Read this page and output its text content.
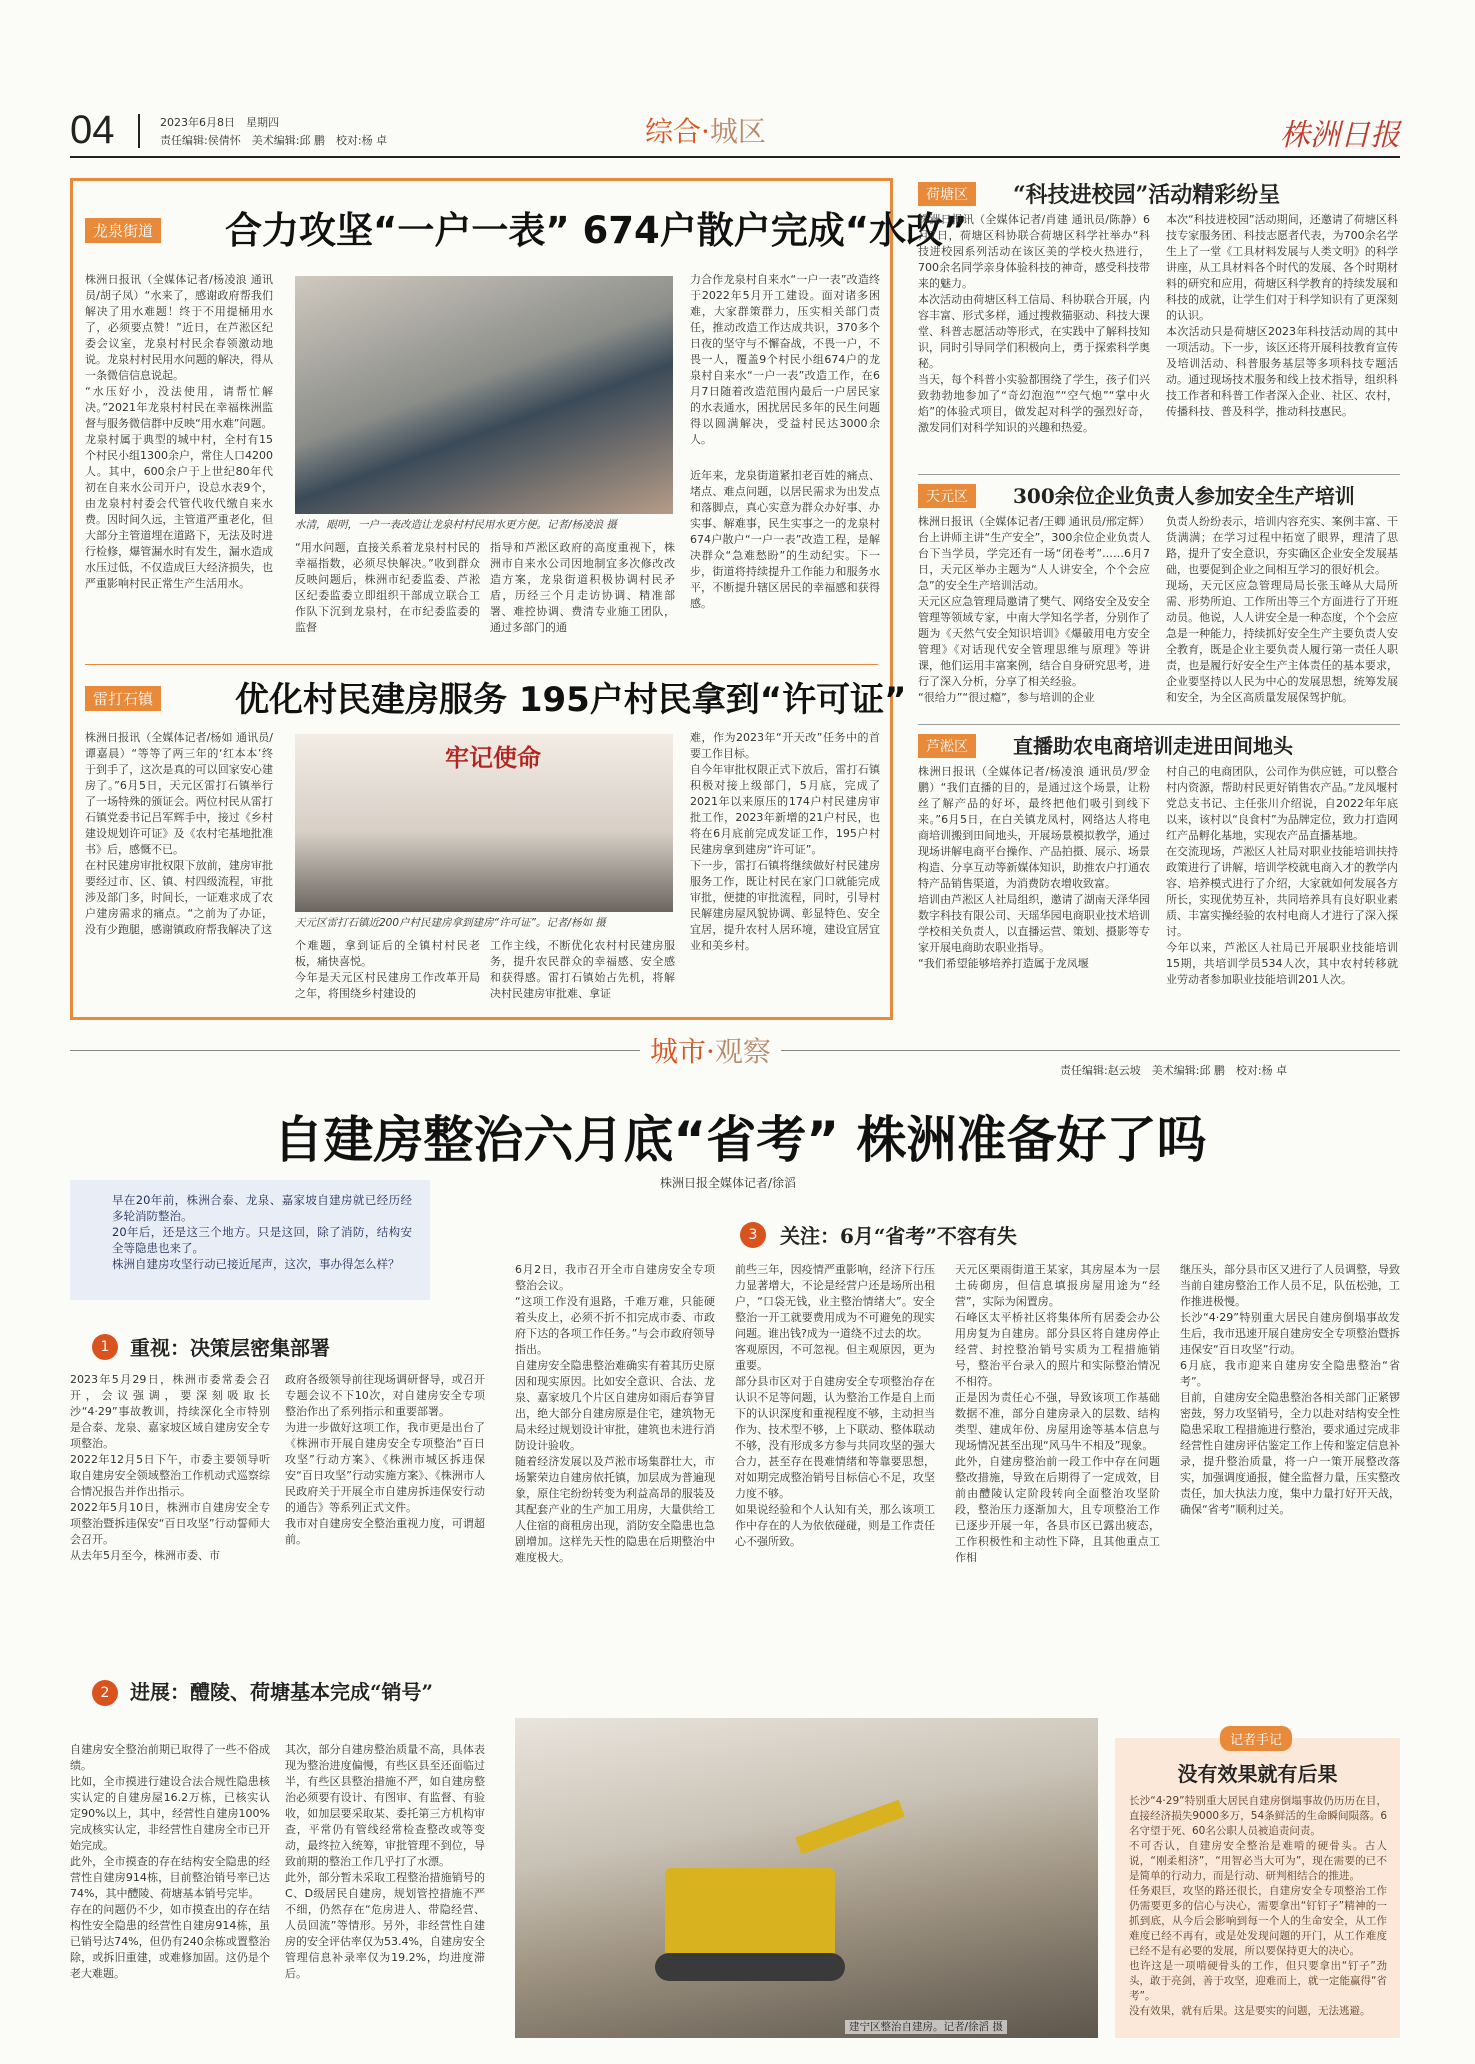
04	2023年6月8日　星期四
责任编辑:侯倩怀　美术编辑:邱 鹏　校对:杨 卓	综合·城区	株洲日报
龙泉街道 合力攻坚“一户一表” 674户散户完成“水改”
株洲日报讯（全媒体记者/杨凌浪 通讯员/胡子凤）“水来了，感谢政府帮我们解决了用水难题！终于不用提桶用水了，必须要点赞！”近日，在芦淞区纪委会议室，龙泉村村民余春领激动地说。龙泉村村民用水问题的解决，得从一条微信信息说起。
“水压好小，没法使用，请帮忙解决。”2021年龙泉村村民在幸福株洲监督与服务微信群中反映“用水难”问题。
龙泉村属于典型的城中村，全村有15个村民小组1300余户，常住人口4200人。其中，600余户于上世纪80年代初在自来水公司开户，设总水表9个，由龙泉村村委会代管代收代缴自来水费。因时间久远，主管道严重老化，但大部分主管道埋在道路下，无法及时进行检修，爆管漏水时有发生，漏水造成水压过低，不仅造成巨大经济损失，也严重影响村民正常生产生活用水。
水清，眼明，一户一表改造让龙泉村村民用水更方便。记者/杨凌浪 摄
“用水问题，直接关系着龙泉村村民的幸福指数，必须尽快解决。”收到群众反映问题后，株洲市纪委监委、芦淞区纪委监委立即组织干部成立联合工作队下沉到龙泉村，在市纪委监委的监督
指导和芦淞区政府的高度重视下，株洲市自来水公司因地制宜多次修改改造方案，龙泉街道积极协调村民矛盾，历经三个月走访协调、精准部署、难控协调、费清专业施工团队，通过多部门的通
力合作龙泉村自来水“一户一表”改造终于2022年5月开工建设。面对诸多困难，大家群策群力，压实相关部门责任，推动改造工作达成共识，370多个日夜的坚守与不懈奋战，不畏一户，不畏一人，覆盖9个村民小组674户的龙泉村自来水“一户一表”改造工作，在6月7日随着改造范围内最后一户居民家的水表通水，困扰居民多年的民生问题得以圆满解决，受益村民达3000余人。
近年来，龙泉街道紧扣老百姓的痛点、堵点、难点问题，以居民需求为出发点和落脚点，真心实意为群众办好事、办实事、解难事，民生实事之一的龙泉村674户散户“一户一表”改造工程，是解决群众“急难愁盼”的生动纪实。下一步，街道将持续提升工作能力和服务水平，不断提升辖区居民的幸福感和获得感。
雷打石镇 优化村民建房服务 195户村民拿到“许可证”
株洲日报讯（全媒体记者/杨如 通讯员/谭嘉晨）“等等了两三年的‘红本本’终于到手了，这次是真的可以回家安心建房了。”6月5日，天元区雷打石镇举行了一场特殊的颁证会。两位村民从雷打石镇党委书记吕军辉手中，接过《乡村建设规划许可证》及《农村宅基地批准书》后，感慨不已。
在村民建房审批权限下放前，建房审批要经过市、区、镇、村四级流程，审批涉及部门多，时间长，一证难求成了农户建房需求的痛点。“之前为了办证，没有少跑腿，感谢镇政府帮我解决了这
牢记使命
天元区雷打石镇近200户村民建房拿到建房“许可证”。记者/杨如 摄
个难题，拿到证后的全镇村村民老板，痛快喜悦。
今年是天元区村民建房工作改革开局之年，将围绕乡村建设的
工作主线，不断优化农村村民建房服务，提升农民群众的幸福感、安全感和获得感。雷打石镇始占先机，将解决村民建房审批难、拿证
难，作为2023年“开天改”任务中的首要工作目标。
自今年审批权限正式下放后，雷打石镇积极对接上级部门，5月底，完成了2021年以来原压的174户村民建房审批工作，2023年新增的21户村民，也将在6月底前完成发证工作，195户村民建房拿到建房“许可证”。
下一步，雷打石镇将继续做好村民建房服务工作，既让村民在家门口就能完成审批，便捷的审批流程，同时，引导村民解建房屋风貌协调、彰显特色、安全宜居，提升农村人居环境，建设宜居宜业和美乡村。
荷塘区	“科技进校园”活动精彩纷呈
株洲日报讯（全媒体记者/肖建 通讯员/陈静）6月7日，荷塘区科协联合荷塘区科学社举办“科技进校园系列活动在该区美的学校火热进行，700余名同学亲身体验科技的神奇，感受科技带来的魅力。
本次活动由荷塘区科工信局、科协联合开展，内容丰富、形式多样，通过搜救猫驱动、科技大课堂、科普志愿活动等形式，在实践中了解科技知识，同时引导同学们积极向上，勇于探索科学奥秘。
当天，每个科普小实验都围绕了学生，孩子们兴致勃勃地参加了“奇幻泡泡”“空气炮”“掌中火焰”的体验式项目，做发起对科学的强烈好奇，激发同们对科学知识的兴趣和热爱。
本次“科技进校园”活动期间，还邀请了荷塘区科技专家服务团、科技志愿者代表，为700余名学生上了一堂《工具材料发展与人类文明》的科学讲座，从工具材料各个时代的发展、各个时期材料的研究和应用，荷塘区科学教育的持续发展和科技的成就，让学生们对于科学知识有了更深刻的认识。
本次活动只是荷塘区2023年科技活动周的其中一项活动。下一步，该区还将开展科技教育宣传及培训活动、科普服务基层等多项科技专题活动。通过现场技术服务和线上技术指导，组织科技工作者和科普工作者深入企业、社区、农村，传播科技、普及科学，推动科技惠民。
天元区	300余位企业负责人参加安全生产培训
株洲日报讯（全媒体记者/王卿 通讯员/邢定辉）台上讲师主讲“生产安全”，300余位企业负责人台下当学员，学完还有一场“闭卷考”……6月7日，天元区举办主题为“人人讲安全，个个会应急”的安全生产培训活动。
天元区应急管理局邀请了樊气、网络安全及安全管理等领域专家，中南大学知名学者，分别作了题为《天然气安全知识培训》《爆破用电方安全管理》《对话现代安全管理思维与原理》等讲课，他们运用丰富案例，结合自身研究思考，进行了深入分析，分享了相关经验。
“很给力”“很过瘾”，参与培训的企业
负责人纷纷表示，培训内容充实、案例丰富、干货满满；在学习过程中拓宽了眼界，理清了思路，提升了安全意识，夯实确区企业安全发展基础，也要促到企业之间相互学习的很好机会。
现场，天元区应急管理局局长张玉峰从大局所需、形势所迫、工作所出等三个方面进行了开班动员。他说，人人讲安全是一种态度，个个会应急是一种能力，持续抓好安全生产主要负责人安全教育，既是企业主要负责人履行第一责任人职责，也是履行好安全生产主体责任的基本要求，企业要坚持以人民为中心的发展思想，统筹发展和安全，为全区高质量发展保驾护航。
芦淞区	直播助农电商培训走进田间地头
株洲日报讯（全媒体记者/杨凌浪 通讯员/罗金鹏）“我们直播的目的，是通过这个场景，让粉丝了解产品的好坏，最终把他们吸引到线下来。”6月5日，在白关镇龙凤村，网络达人将电商培训搬到田间地头，开展场景模拟教学，通过现场讲解电商平台操作、产品拍摄、展示、场景构造、分享互动等新媒体知识，助推农户打通农特产品销售渠道，为消费防农增收致富。
培训由芦淞区人社局组织，邀请了湖南天泽华园数字科技有限公司、天瑶华园电商职业技术培训学校相关负责人，以直播运营、策划、摄影等专家开展电商助农职业指导。
“我们希望能够培养打造属于龙凤堰
村自己的电商团队，公司作为供应链，可以整合村内资源，帮助村民更好销售农产品。”龙凤堰村党总支书记、主任张川介绍说，自2022年年底以来，该村以“良食村”为品牌定位，致力打造网红产品孵化基地，实现农产品直播基地。
在交流现场，芦淞区人社局对职业技能培训扶持政策进行了讲解，培训学校就电商入才的教学内容、培养模式进行了介绍，大家就如何发展各方所长，实现优势互补，共同培养具有良好职业素质、丰富实操经验的农村电商人才进行了深入探讨。
今年以来，芦淞区人社局已开展职业技能培训15期，共培训学员534人次，其中农村转移就业劳动者参加职业技能培训201人次。
城市·观察
责任编辑:赵云坡　美术编辑:邱 鹏　校对:杨 卓
自建房整治六月底“省考” 株洲准备好了吗
株洲日报全媒体记者/徐滔
早在20年前，株洲合泰、龙泉、嘉家坡自建房就已经历经多轮消防整治。
20年后，还是这三个地方。只是这回，除了消防，结构安全等隐患也来了。
株洲自建房攻坚行动已接近尾声，这次，事办得怎么样？
1	重视：决策层密集部署
2023年5月29日，株洲市委常委会召开，会议强调，要深刻吸取长沙“4·29”事故教训，持续深化全市特别是合泰、龙泉、嘉家坡区域自建房安全专项整治。
2022年12月5日下午，市委主要领导听取自建房安全领域整治工作机动式巡察综合情况报告并作出指示。
2022年5月10日，株洲市自建房安全专项整治暨拆违保安“百日攻坚”行动誓师大会召开。
从去年5月至今，株洲市委、市
政府各级领导前往现场调研督导，或召开专题会议不下10次，对自建房安全专项整治作出了系列指示和重要部署。
为进一步做好这项工作，我市更是出台了《株洲市开展自建房安全专项整治“百日攻坚”行动方案》、《株洲市城区拆违保安“百日攻坚”行动实施方案》、《株洲市人民政府关于开展全市自建房拆违保安行动的通告》等系列正式文件。
我市对自建房安全整治重视力度，可谓超前。
2	进展：醴陵、荷塘基本完成“销号”
自建房安全整治前期已取得了一些不俗成绩。
比如，全市摸进行建设合法合规性隐患核实认定的自建房屋16.2万栋，已核实认定90%以上，其中，经营性自建房100%完成核实认定，非经营性自建房全市已开始完成。
此外，全市摸查的存在结构安全隐患的经营性自建房914栋，目前整治销号率已达74%，其中醴陵、荷塘基本销号完毕。
存在的问题仍不少，如市摸查出的存在结构性安全隐患的经营性自建房914栋，虽已销号达74%，但仍有240余栋或置整治除，或拆旧重建，或难修加固。这仍是个老大难题。
其次，部分自建房整治质量不高，具体表现为整治进度偏慢，有些区县至还面临过半，有些区县整治措施不严，如自建房整治必须要有设计、有图审、有监督、有验收，如加层要采取某、委托第三方机构审查，平常仍有管线经常检查整改或等变动，最终拉入统筹，审批管理不到位，导致前期的整治工作几乎打了水漂。
此外，部分暂未采取工程整治措施销号的C、D级居民自建房，规划管控措施不严不细，仍然存在“危房进人、带隐经营、人员回流”等情形。另外，非经营性自建房的安全评估率仅为53.4%，自建房安全管理信息补录率仅为19.2%，均进度滞后。
6月2日，我市召开全市自建房安全专项整治会议。
“这项工作没有退路，千难万难，只能硬着头皮上，必须不折不扣完成市委、市政府下达的各项工作任务。”与会市政府领导指出。
自建房安全隐患整治难确实有着其历史原因和现实原因。比如安全意识、合法、龙泉、嘉家坡几个片区自建房如雨后春笋冒出，绝大部分自建房原是住宅，建筑物无局未经过规划设计审批，建筑也未进行消防设计验收。
随着经济发展以及芦淞市场集群壮大，市场繁荣边自建房依托镇，加层成为普遍现象，原住宅纷纷转变为利益高昂的服装及其配套产业的生产加工用房，大量供给工人住宿的商租房出现，消防安全隐患也急剧增加。这样先天性的隐患在后期整治中难度极大。
前些三年，因疫情严重影响，经济下行压力显著增大，不论是经营户还是场所出租户，“口袋无钱，业主整治情绪大”。安全整治一开工就要费用成为不可避免的现实问题。谁出钱?成为一道绕不过去的坎。
客观原因，不可忽视。但主观原因，更为重要。
部分县市区对于自建房安全专项整治存在认识不足等问题，认为整治工作是自上而下的认识深度和重视程度不够，主动担当作为、技术型不够，上下联动、整体联动不够，没有形成多方参与共同攻坚的强大合力，甚至存在畏难情绪和等靠要思想，对如期完成整治销号目标信心不足，攻坚力度不够。
如果说经验和个人认知有关，那么该项工作中存在的人为依依碰碰，则是工作责任心不强所致。
3	关注：6月“省考”不容有失
天元区栗雨街道王某家，其房屋本为一层土砖砌房，但信息填报房屋用途为“经营”，实际为闲置房。
石峰区太平桥社区将集体所有居委会办公用房复为自建房。部分县区将自建房停止经营、封控整治销号实质为工程措施销号，整治平台录入的照片和实际整治情况不相符。
正是因为责任心不强，导致该项工作基础数据不准，部分自建房录入的层数、结构类型、建成年份、房屋用途等基本信息与现场情况甚至出现“风马牛不相及”现象。
此外，自建房整治前一段工作中存在问题整改措施，导致在后期得了一定成效，目前由醴陵认定阶段转向全面整治攻坚阶段，整治压力逐渐加大，且专项整治工作已逐步开展一年，各县市区已露出疲态，工作积极性和主动性下降，且其他重点工作相
继压头，部分县市区又进行了人员调整，导致当前自建房整治工作人员不足，队伍松弛，工作推进极慢。
长沙“4·29”特别重大居民自建房倒塌事故发生后，我市迅速开展自建房安全专项整治暨拆违保安“百日攻坚”行动。
6月底，我市迎来自建房安全隐患整治“省考”。
目前，自建房安全隐患整治各相关部门正紧锣密鼓，努力攻坚销号，全力以赴对结构安全性隐患采取工程措施进行整治，要求通过完成非经营性自建房评估鉴定工作上传和鉴定信息补录，提升整治质量，将一户一策开展整改落实，加强调度通报，健全监督力量，压实整改责任，加大执法力度，集中力量打好开天战，确保“省考”顺利过关。
建宁区整治自建房。记者/徐滔 摄
记者手记
没有效果就有后果
长沙“4·29”特别重大居民自建房倒塌事故仍历历在目，直接经济损失9000多万，54条鲜活的生命瞬间陨落。6名守望于死、60名公职人员被追责问责。
不可否认，自建房安全整治是难啃的硬骨头。古人说，“刚柔相济”，“用智必当大可为”，现在需要的已不是简单的行动力，而是行动、研判相结合的推进。
任务艰巨，攻坚的路还很长，自建房安全专项整治工作仍需要更多的信心与决心，需要拿出“钉钉子”精神的一抓到底，从今后会影响到每一个人的生命安全，从工作难度已经不再有，或是处发现问题的开门，从工作难度已经不是有必要的发展，所以要保持更大的决心。
也许这是一项啃硬骨头的工作，但只要拿出“钉子”劲头，敢于亮剑，善于攻坚，迎难而上，就一定能赢得“省考”。
没有效果，就有后果。这是要实的问题，无法逃避。
